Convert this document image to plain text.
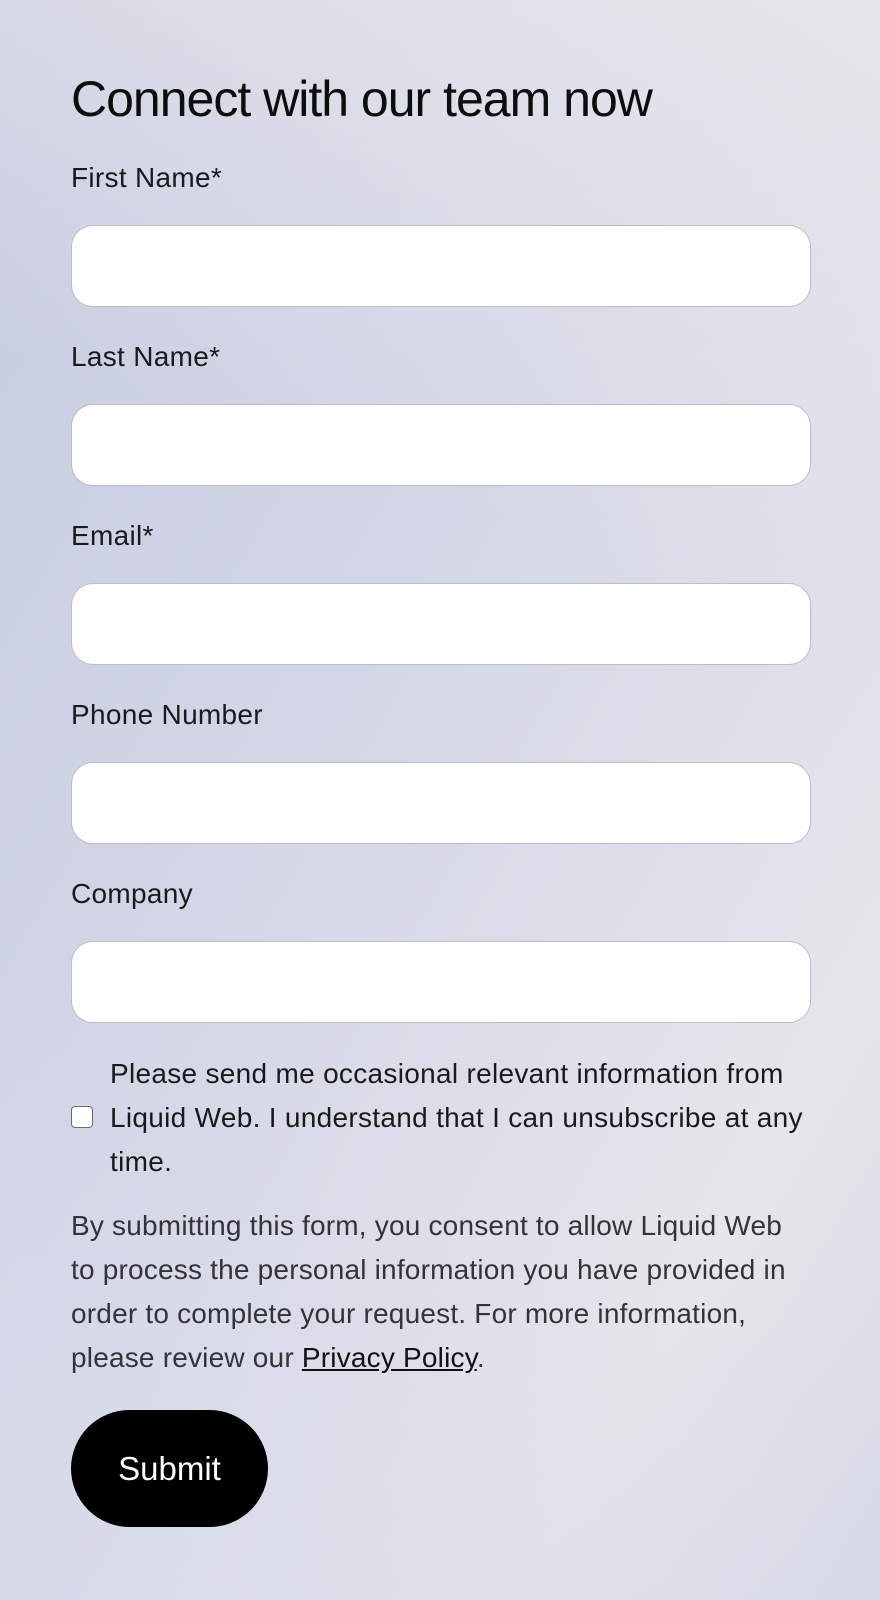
Connect with our team now
First Name*
Last Name*
Email*
Phone Number
Company

Please send me occasional relevant information from Liquid Web. I understand that I can unsubscribe at any time.

By submitting this form, you consent to allow Liquid Web to process the personal information you have provided in order to complete your request. For more information, please review our Privacy Policy.

Submit
